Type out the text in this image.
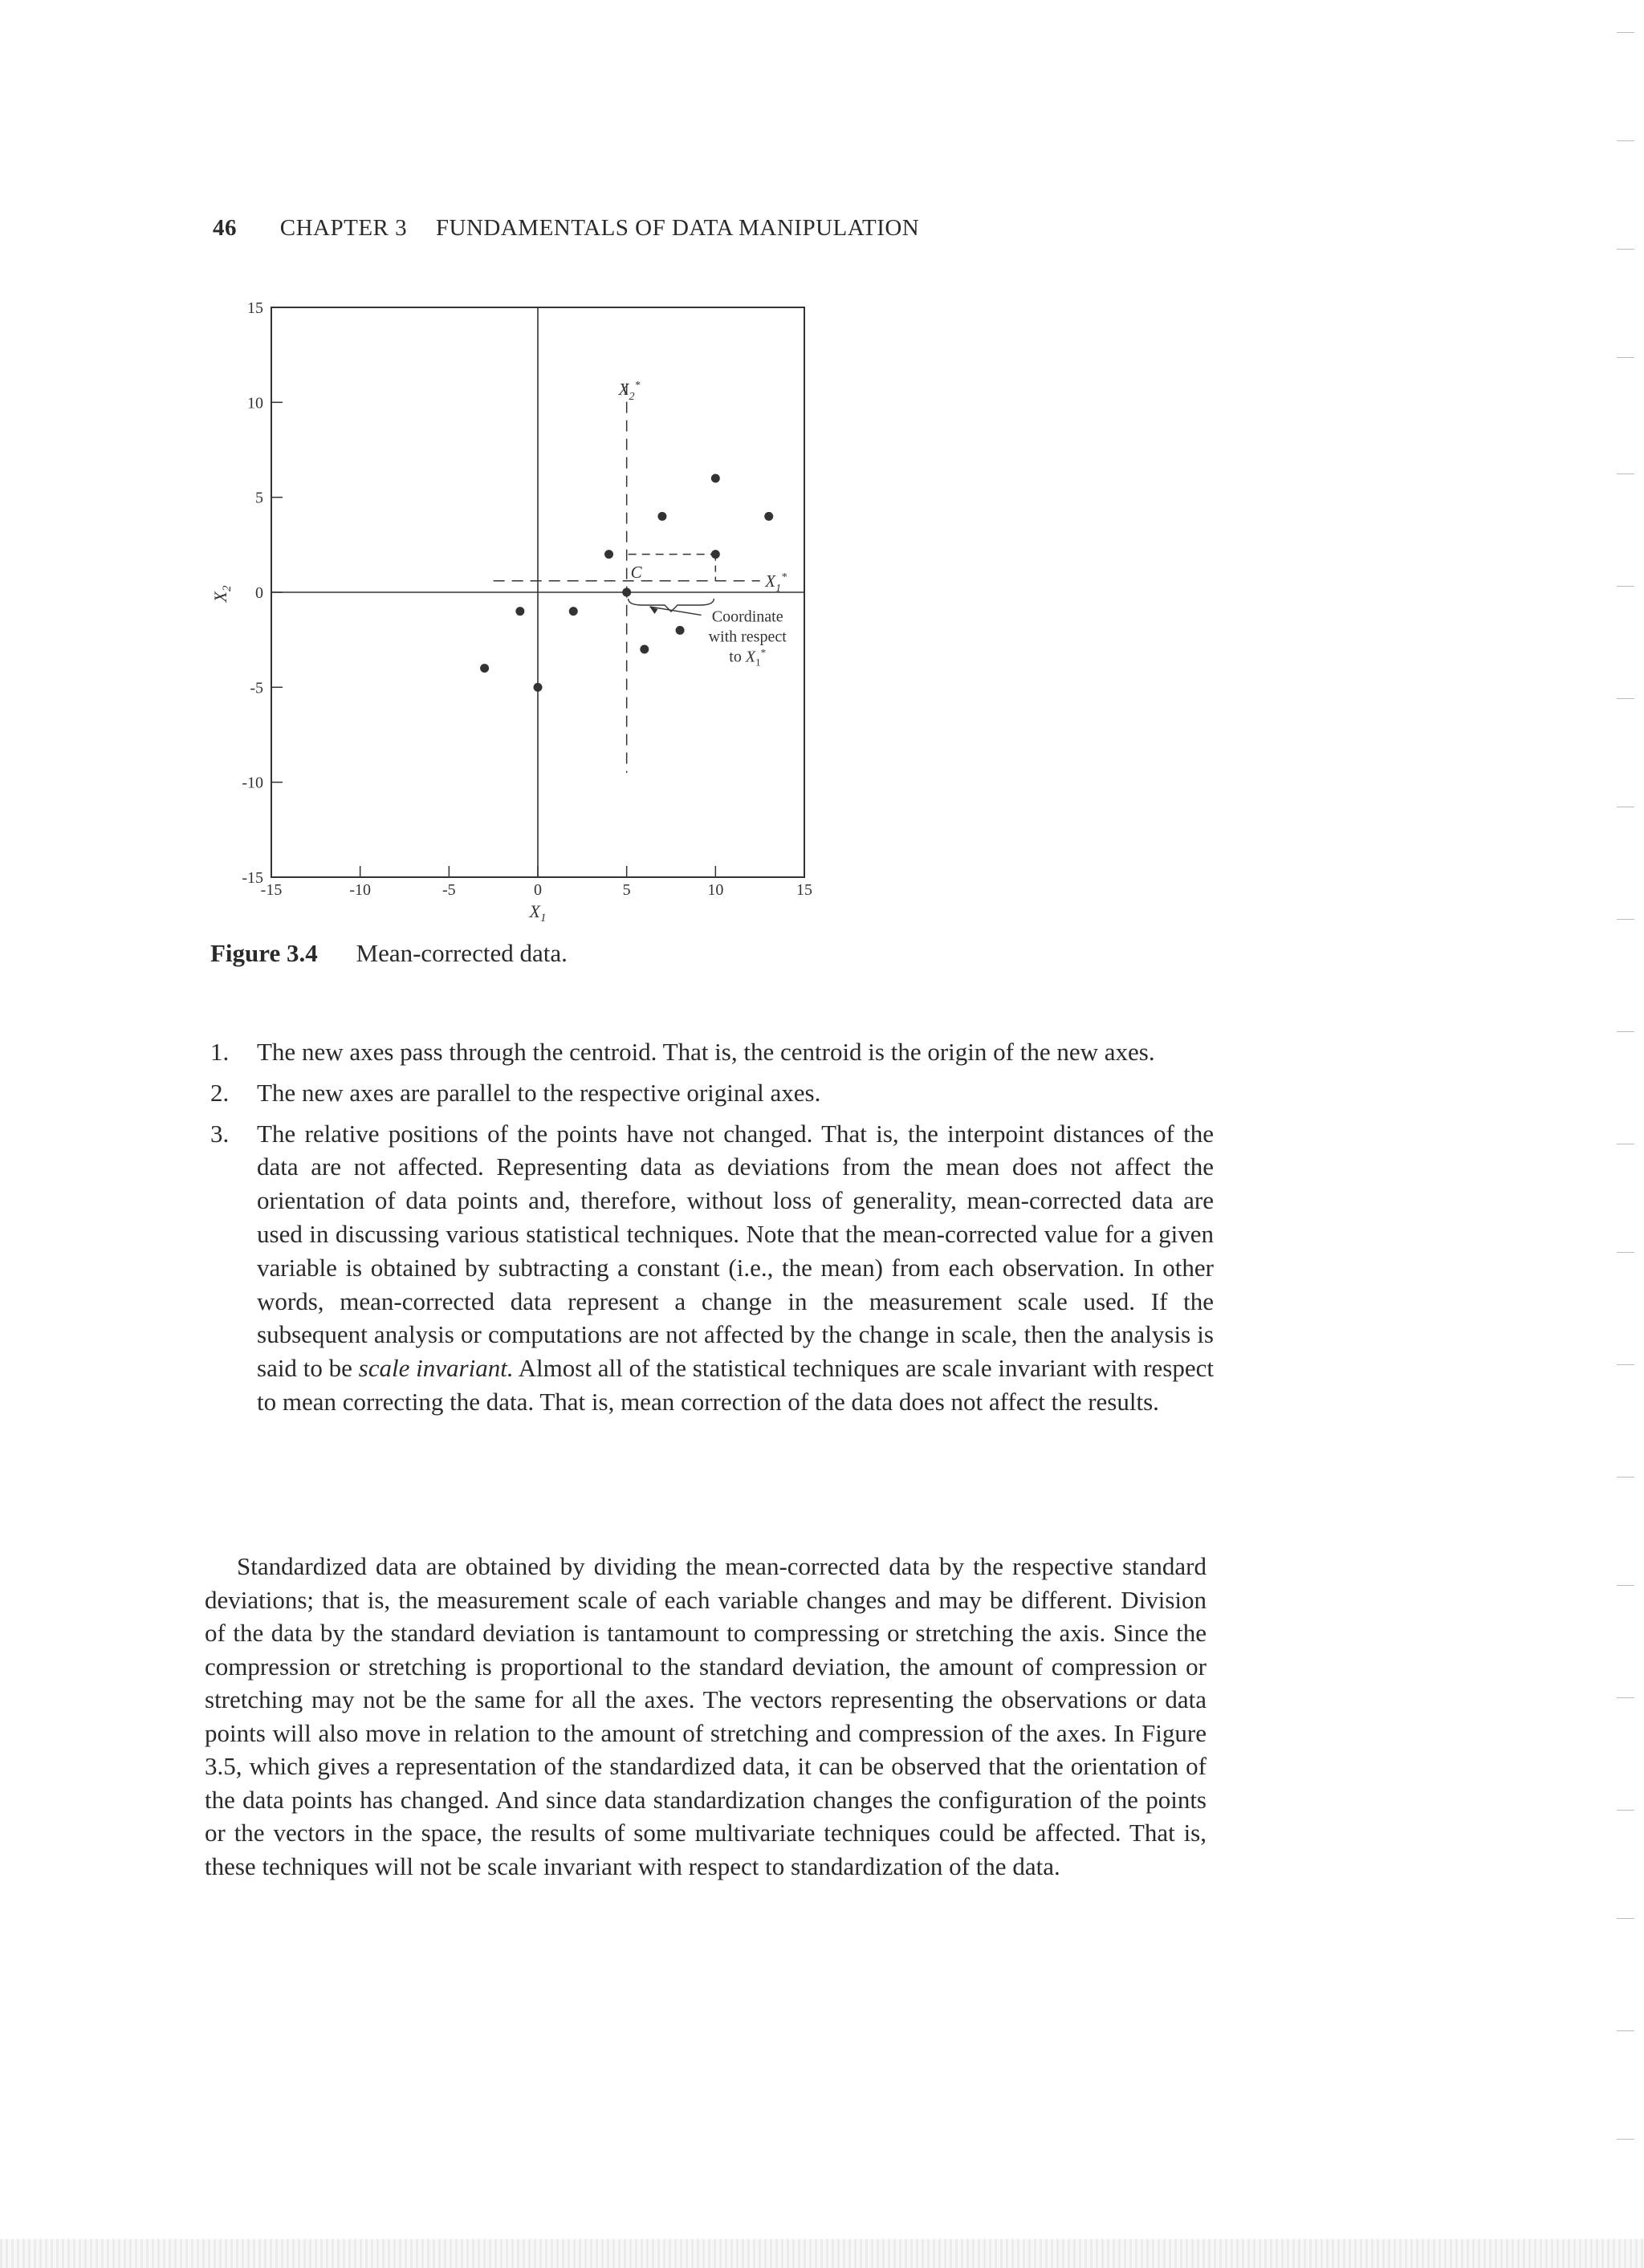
46 CHAPTER 3 FUNDAMENTALS OF DATA MANIPULATION
-15	-10	-5	0	5	10	15
15
10
5
0
-5
-10
-15
$X_1$
$X_2$
$X_2^*$
$X_1^*$
C
Coordinate
with respect
to $X_1^*$
Figure 3.4 Mean-corrected data.
1. The new axes pass through the centroid. That is, the centroid is the origin of the new axes.
2. The new axes are parallel to the respective original axes.
3. The relative positions of the points have not changed. That is, the interpoint distances of the data are not affected. Representing data as deviations from the mean does not affect the orientation of data points and, therefore, without loss of generality, mean-corrected data are used in discussing various statistical techniques. Note that the mean-corrected value for a given variable is obtained by subtracting a constant (i.e., the mean) from each observation. In other words, mean-corrected data represent a change in the measurement scale used. If the subsequent analysis or computations are not affected by the change in scale, then the analysis is said to be scale invariant. Almost all of the statistical techniques are scale invariant with respect to mean correcting the data. That is, mean correction of the data does not affect the results.

Standardized data are obtained by dividing the mean-corrected data by the respective standard deviations; that is, the measurement scale of each variable changes and may be different. Division of the data by the standard deviation is tantamount to compressing or stretching the axis. Since the compression or stretching is proportional to the standard deviation, the amount of compression or stretching may not be the same for all the axes. The vectors representing the observations or data points will also move in relation to the amount of stretching and compression of the axes. In Figure 3.5, which gives a representation of the standardized data, it can be observed that the orientation of the data points has changed. And since data standardization changes the configuration of the points or the vectors in the space, the results of some multivariate techniques could be affected. That is, these techniques will not be scale invariant with respect to standardization of the data.
